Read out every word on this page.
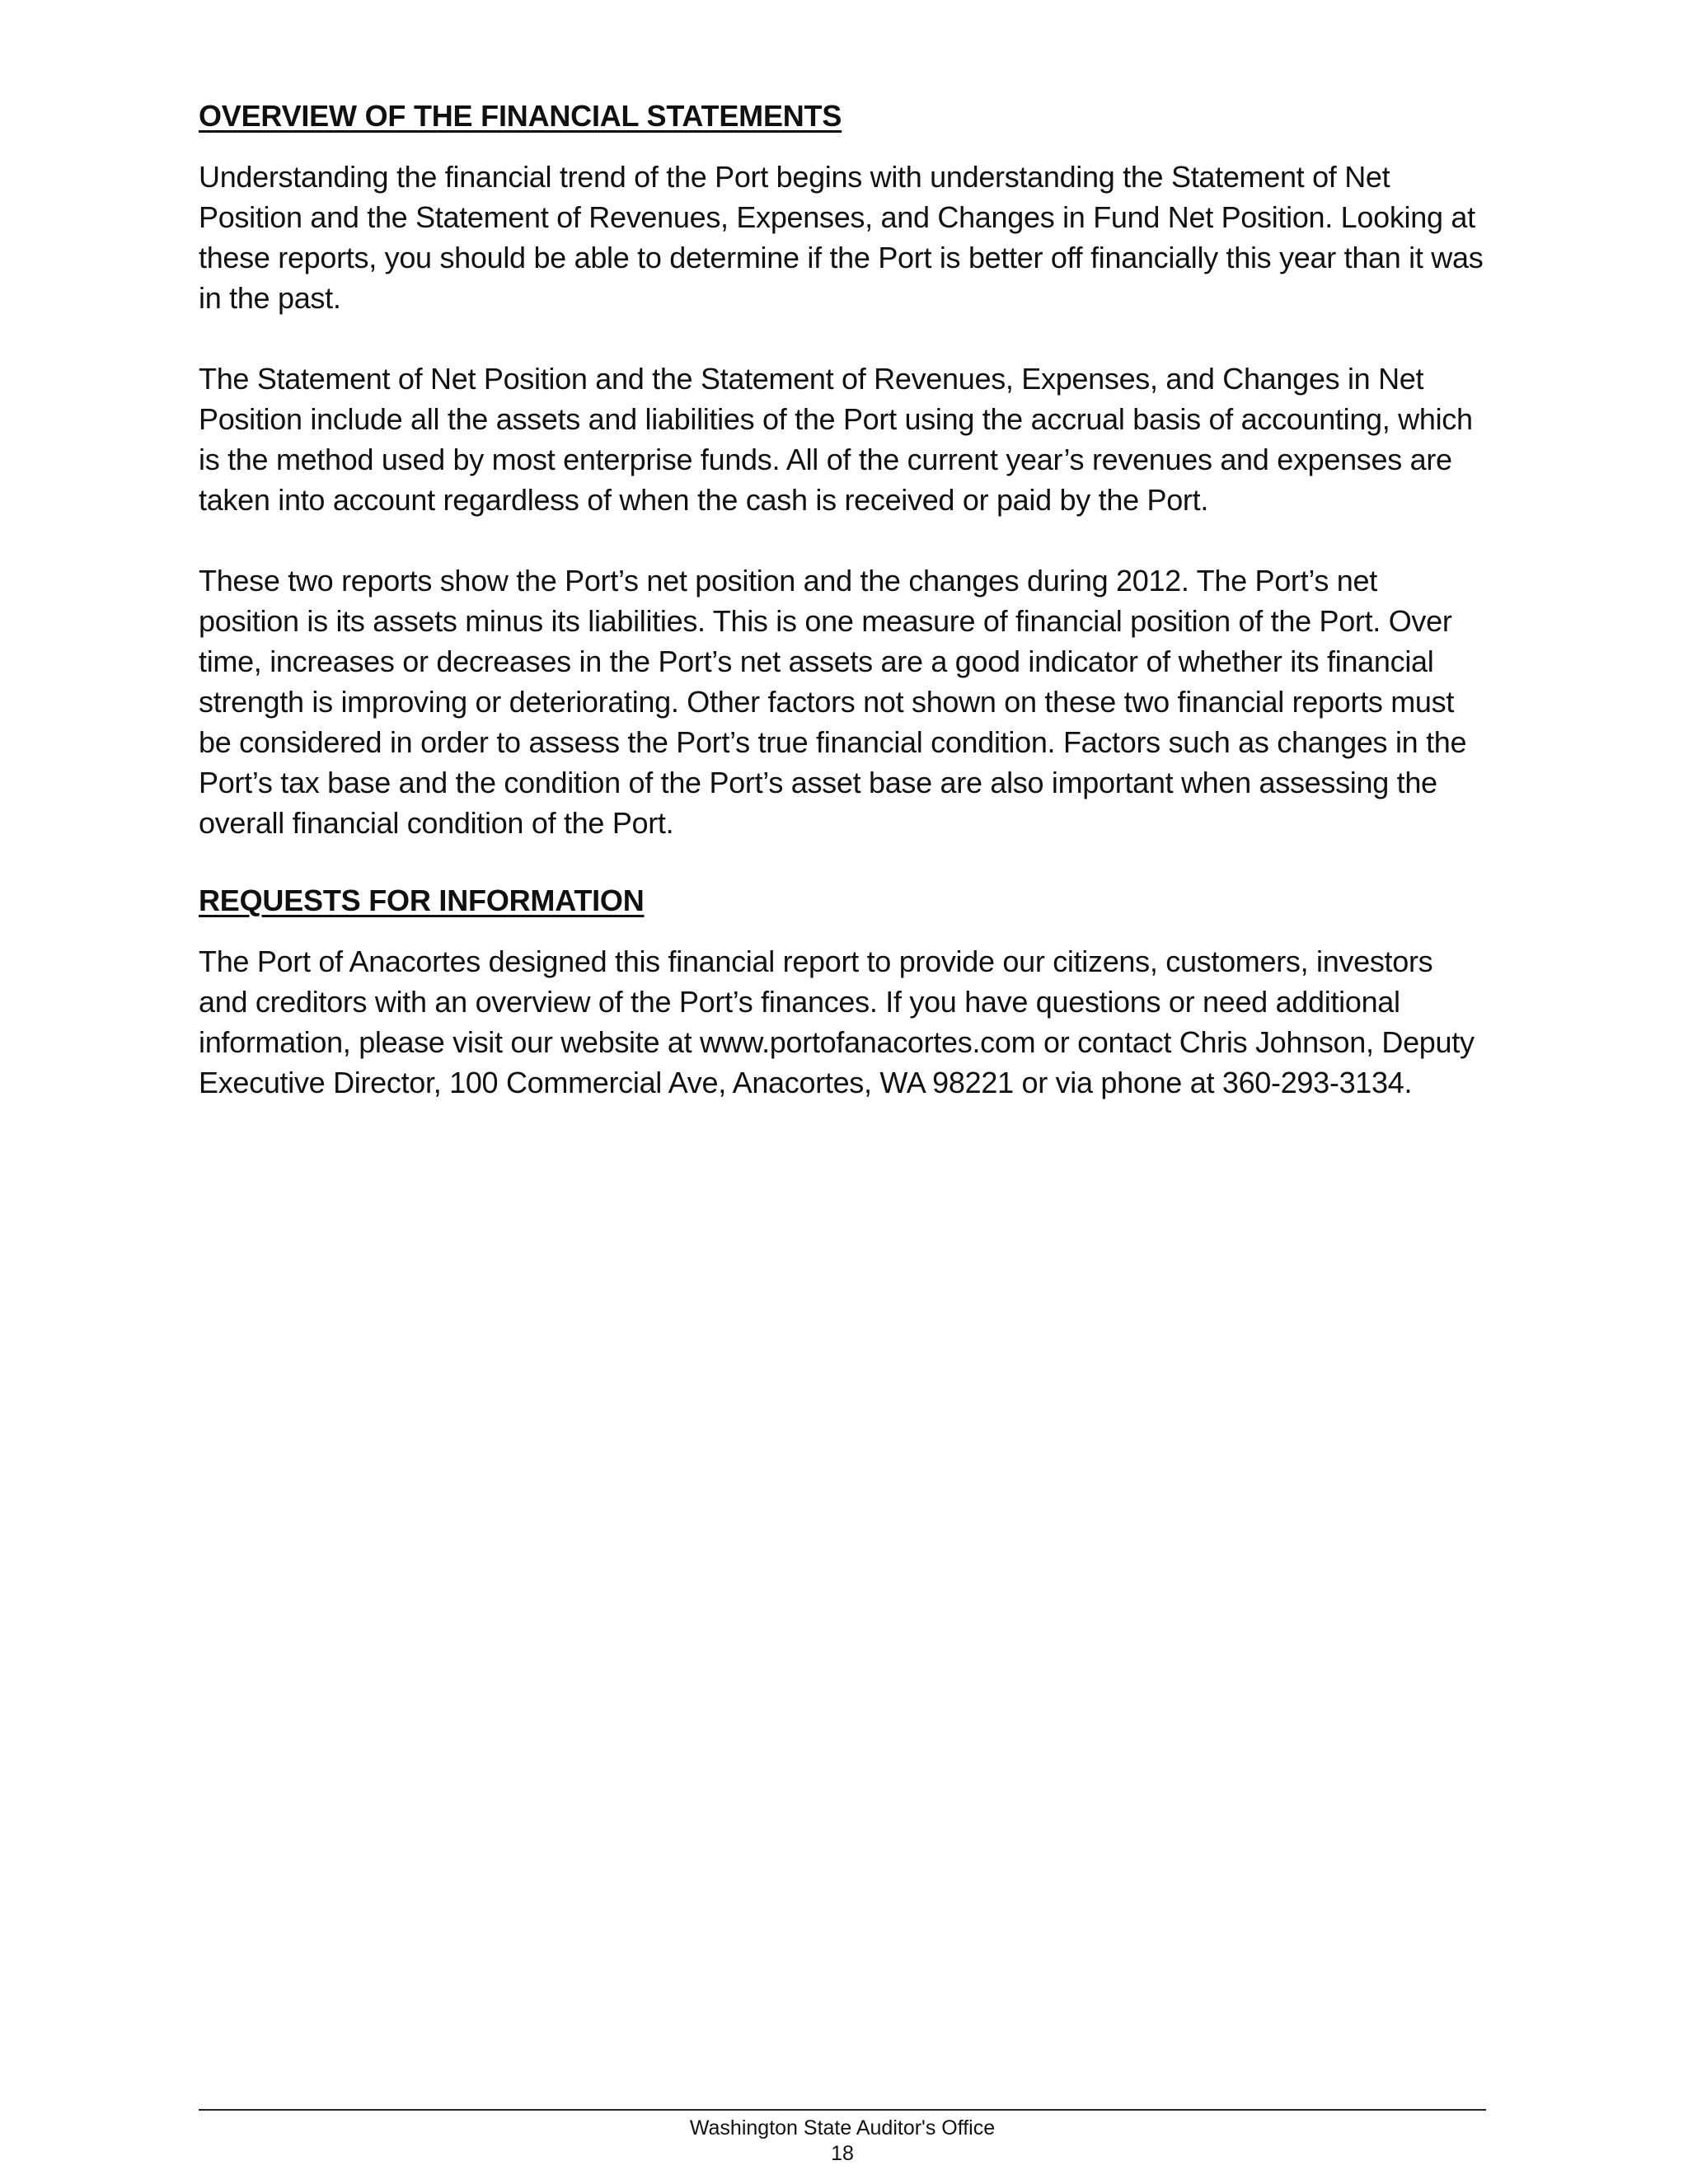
OVERVIEW OF THE FINANCIAL STATEMENTS

Understanding the financial trend of the Port begins with understanding the Statement of Net Position and the Statement of Revenues, Expenses, and Changes in Fund Net Position. Looking at these reports, you should be able to determine if the Port is better off financially this year than it was in the past.

The Statement of Net Position and the Statement of Revenues, Expenses, and Changes in Net Position include all the assets and liabilities of the Port using the accrual basis of accounting, which is the method used by most enterprise funds. All of the current year’s revenues and expenses are taken into account regardless of when the cash is received or paid by the Port.

These two reports show the Port’s net position and the changes during 2012. The Port’s net position is its assets minus its liabilities. This is one measure of financial position of the Port. Over time, increases or decreases in the Port’s net assets are a good indicator of whether its financial strength is improving or deteriorating. Other factors not shown on these two financial reports must be considered in order to assess the Port’s true financial condition. Factors such as changes in the Port’s tax base and the condition of the Port’s asset base are also important when assessing the overall financial condition of the Port.

REQUESTS FOR INFORMATION

The Port of Anacortes designed this financial report to provide our citizens, customers, investors and creditors with an overview of the Port’s finances. If you have questions or need additional information, please visit our website at www.portofanacortes.com or contact Chris Johnson, Deputy Executive Director, 100 Commercial Ave, Anacortes, WA 98221 or via phone at 360-293-3134.

Washington State Auditor's Office
18
